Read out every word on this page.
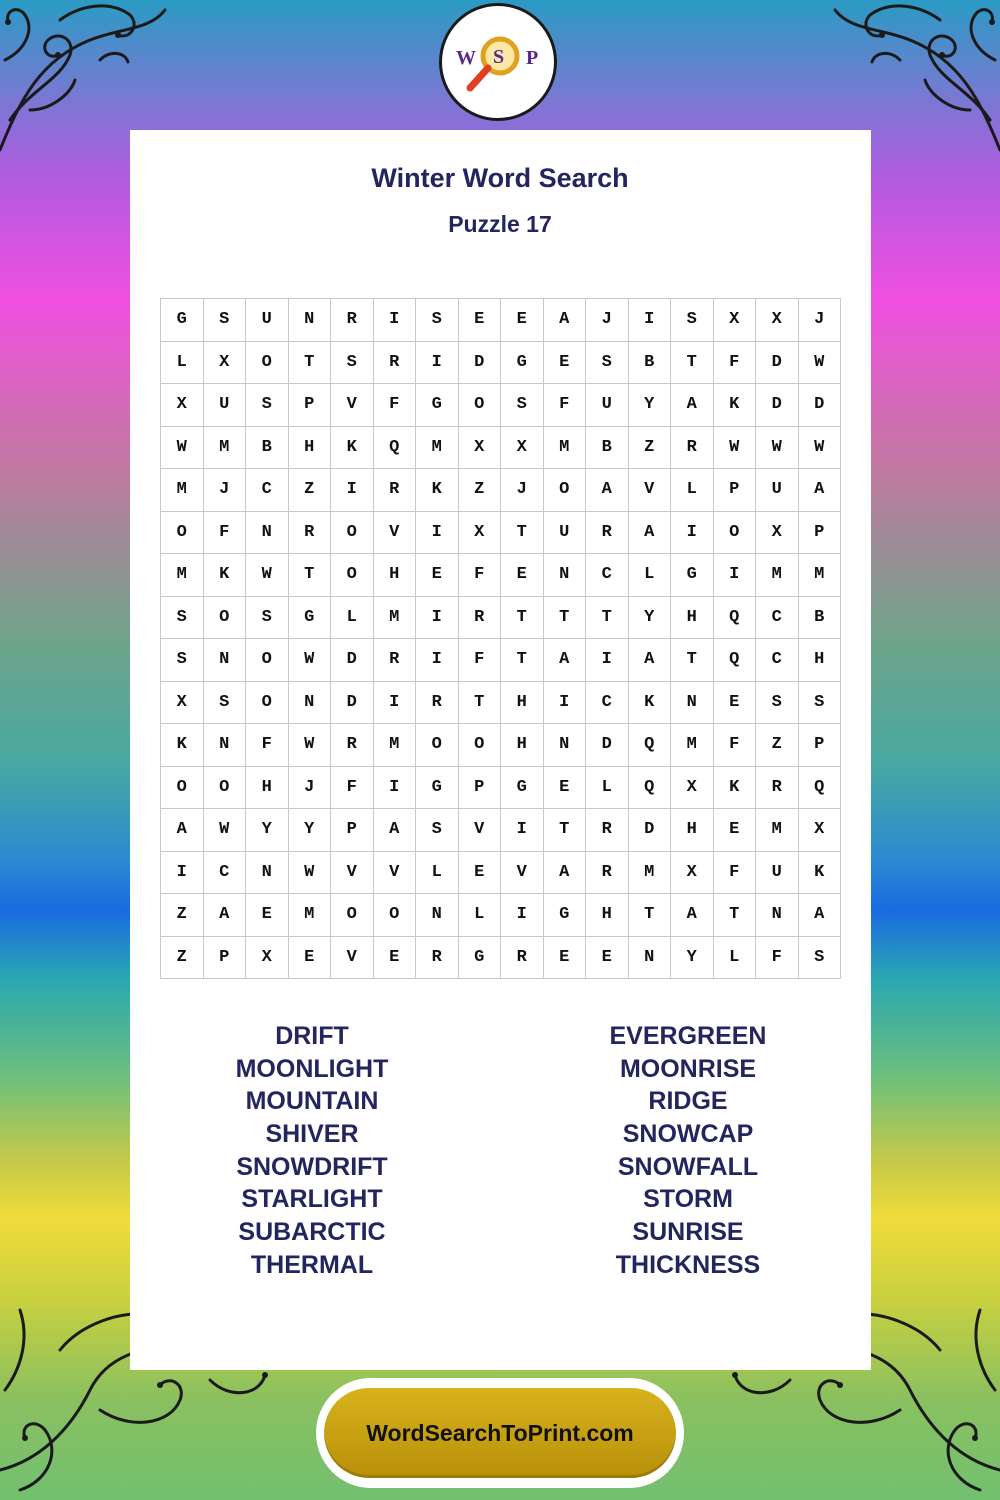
W S P
Winter Word Search
Puzzle 17
G	S	U	N	R	I	S	E	E	A	J	I	S	X	X	J
L	X	O	T	S	R	I	D	G	E	S	B	T	F	D	W
X	U	S	P	V	F	G	O	S	F	U	Y	A	K	D	D
W	M	B	H	K	Q	M	X	X	M	B	Z	R	W	W	W
M	J	C	Z	I	R	K	Z	J	O	A	V	L	P	U	A
O	F	N	R	O	V	I	X	T	U	R	A	I	O	X	P
M	K	W	T	O	H	E	F	E	N	C	L	G	I	M	M
S	O	S	G	L	M	I	R	T	T	T	Y	H	Q	C	B
S	N	O	W	D	R	I	F	T	A	I	A	T	Q	C	H
X	S	O	N	D	I	R	T	H	I	C	K	N	E	S	S
K	N	F	W	R	M	O	O	H	N	D	Q	M	F	Z	P
O	O	H	J	F	I	G	P	G	E	L	Q	X	K	R	Q
A	W	Y	Y	P	A	S	V	I	T	R	D	H	E	M	X
I	C	N	W	V	V	L	E	V	A	R	M	X	F	U	K
Z	A	E	M	O	O	N	L	I	G	H	T	A	T	N	A
Z	P	X	E	V	E	R	G	R	E	E	N	Y	L	F	S
DRIFT
MOONLIGHT
MOUNTAIN
SHIVER
SNOWDRIFT
STARLIGHT
SUBARCTIC
THERMAL
EVERGREEN
MOONRISE
RIDGE
SNOWCAP
SNOWFALL
STORM
SUNRISE
THICKNESS
WordSearchToPrint.com
